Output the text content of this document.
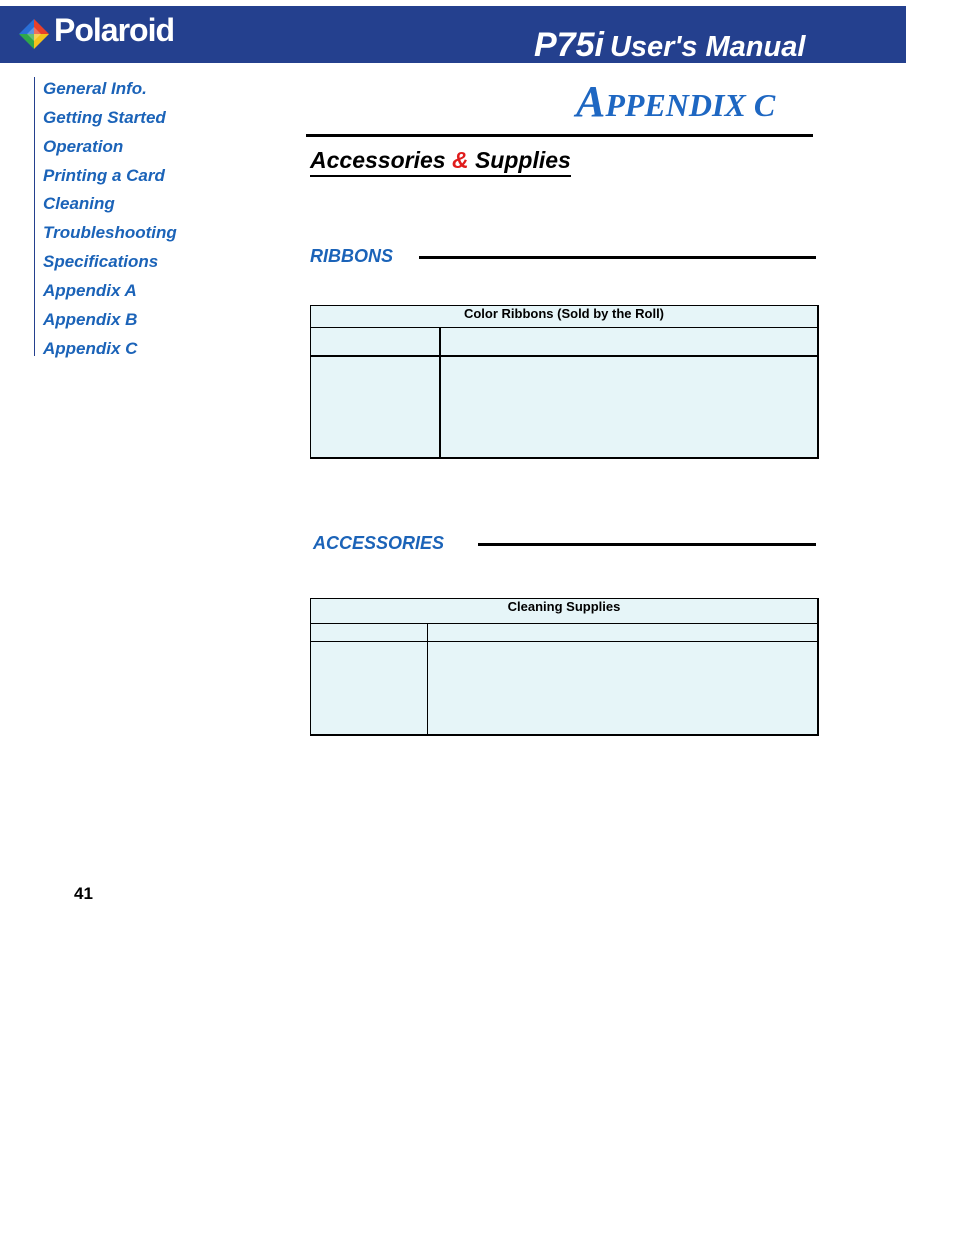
Polaroid	P75i User's Manual
General Info.
Getting Started
Operation
Printing a Card
Cleaning
Troubleshooting
Specifications
Appendix A
Appendix B
Appendix C
APPENDIX C
Accessories & Supplies
RIBBONS
Color Ribbons (Sold by the Roll)
ACCESSORIES
Cleaning Supplies
41
